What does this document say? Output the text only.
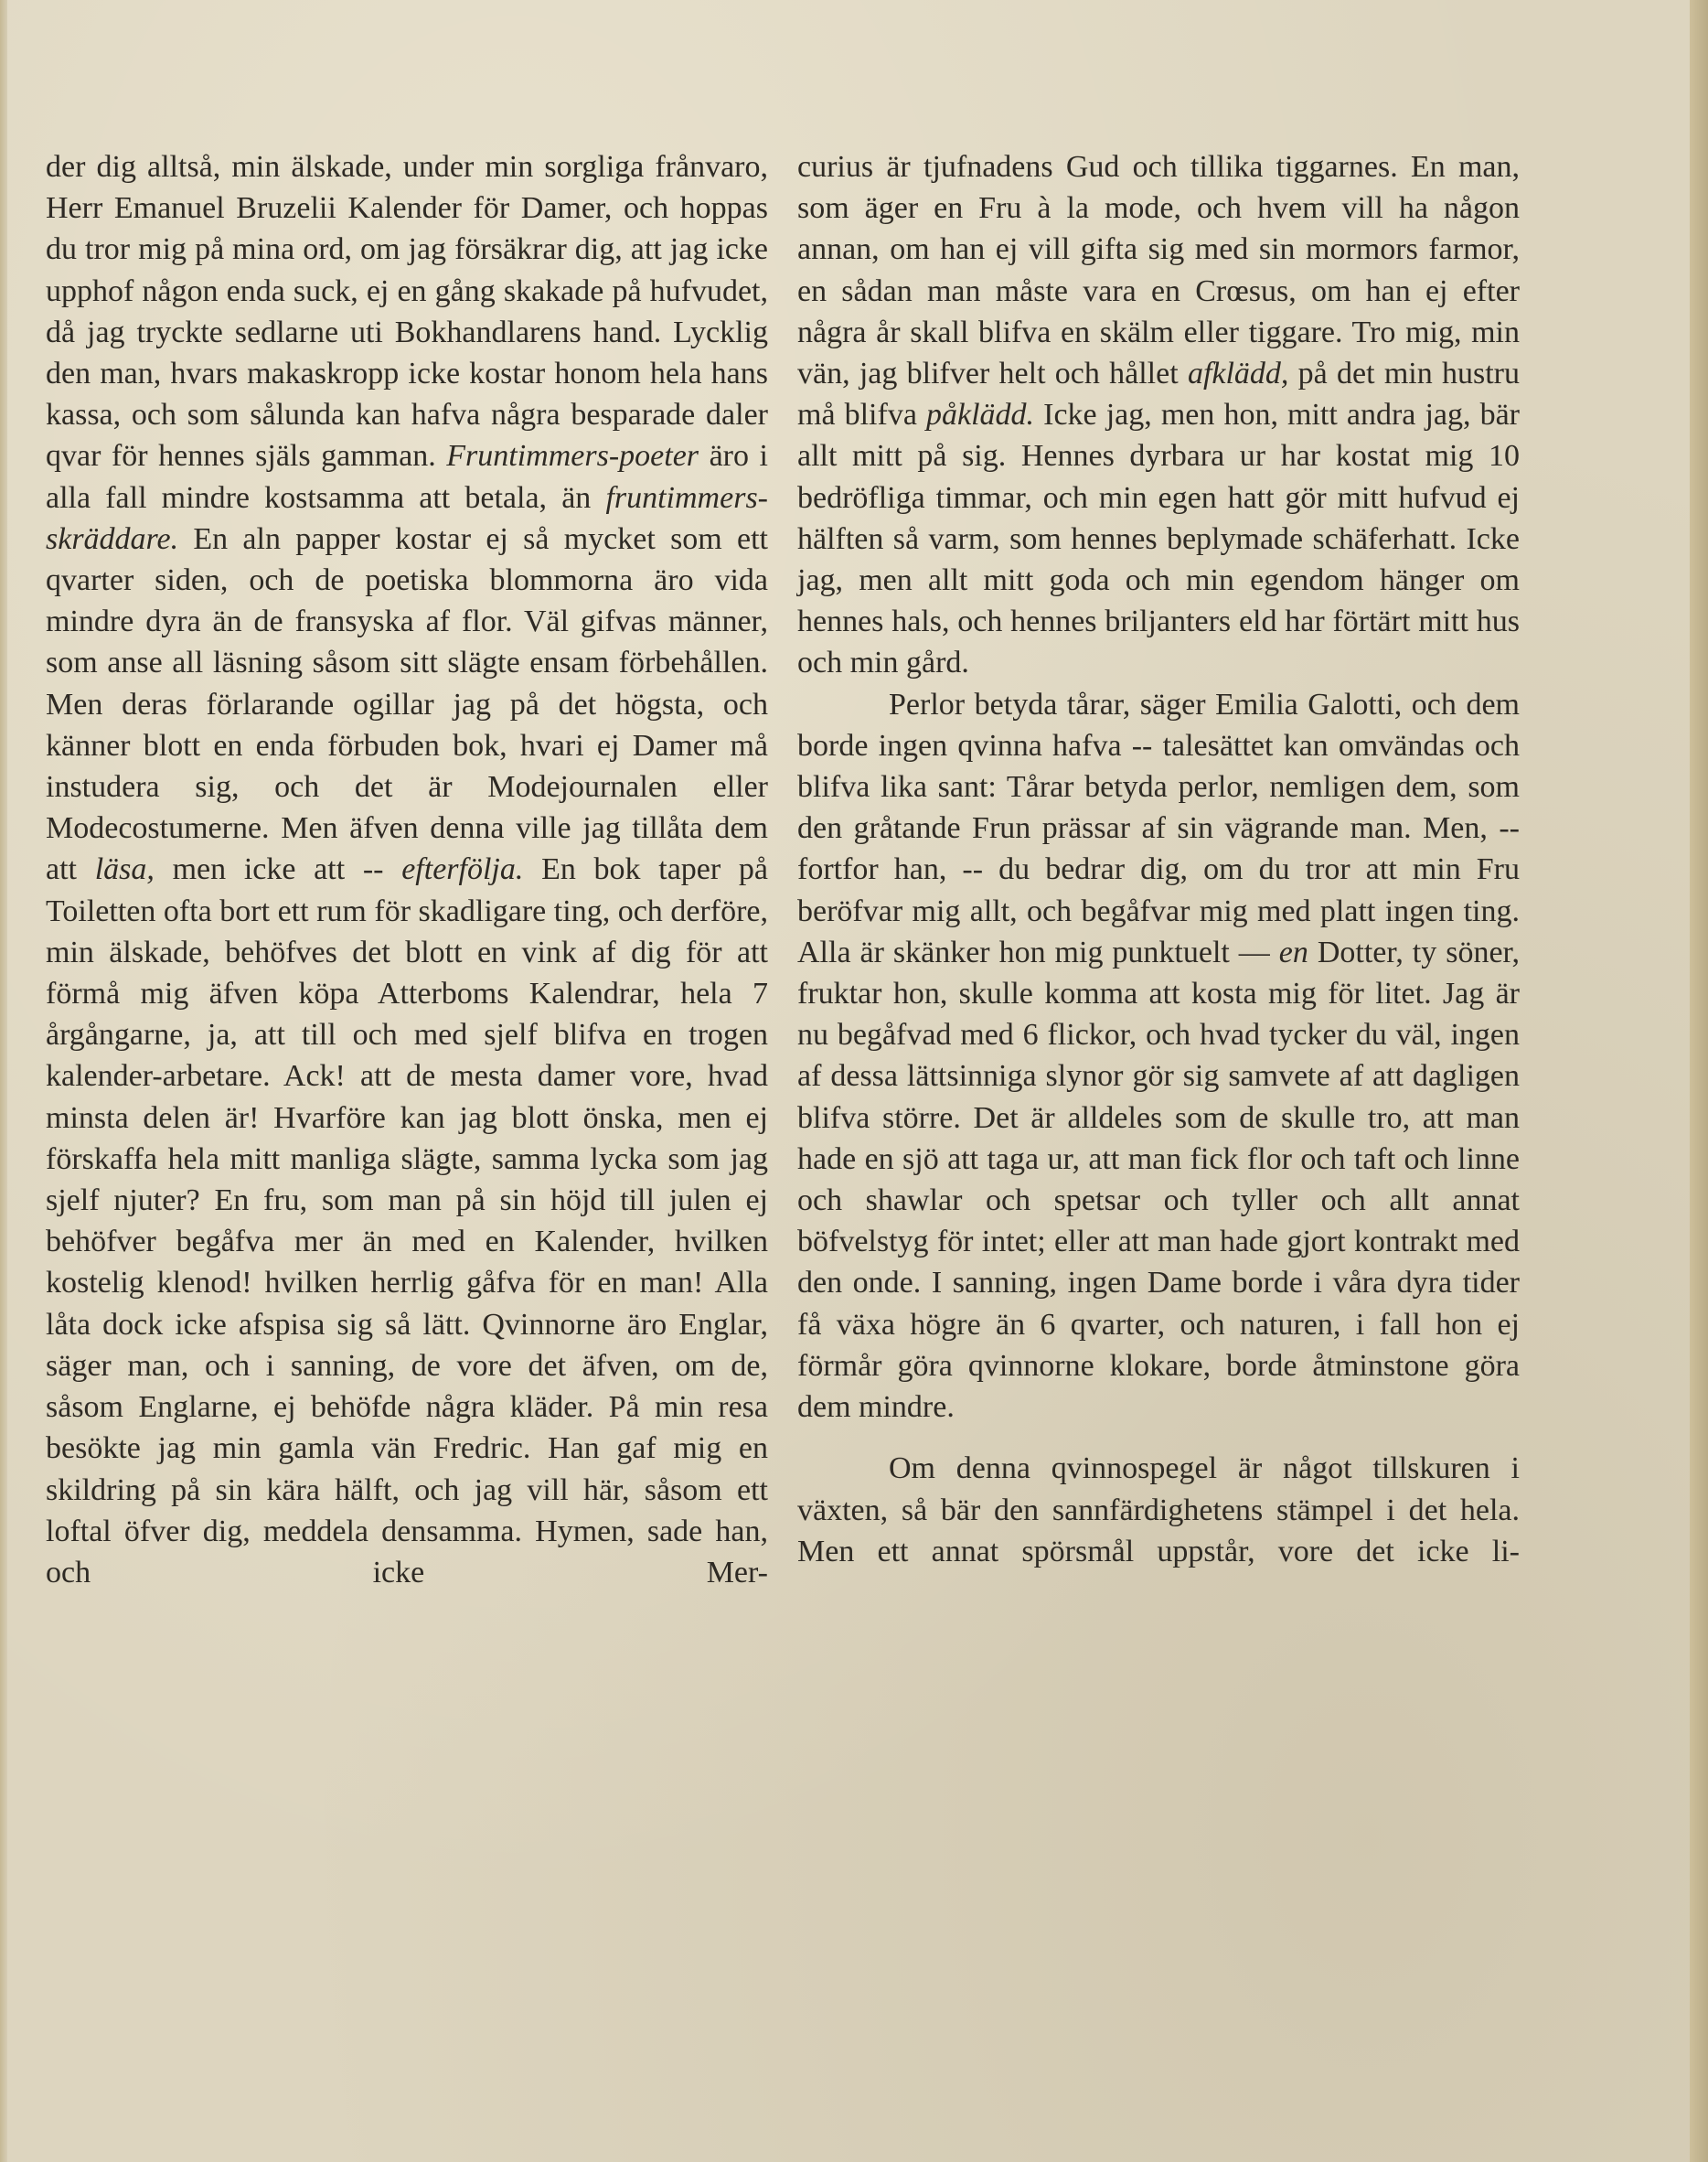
der dig alltså, min älskade, under min sorgliga frånvaro, Herr Emanuel Bruzelii Kalender för Damer, och hoppas du tror mig på mina ord, om jag försäkrar dig, att jag icke upphof någon enda suck, ej en gång skakade på hufvudet, då jag tryckte sedlarne uti Bokhandlarens hand. Lycklig den man, hvars makaskropp icke kostar honom hela hans kassa, och som sålunda kan hafva några besparade daler qvar för hennes själs gamman. Fruntimmers-poeter äro i alla fall mindre kostsamma att betala, än fruntimmers-skräddare. En aln papper kostar ej så mycket som ett qvarter siden, och de poetiska blommorna äro vida mindre dyra än de fransyska af flor. Väl gifvas männer, som anse all läsning såsom sitt slägte ensam förbehållen. Men deras förlarande ogillar jag på det högsta, och känner blott en enda förbuden bok, hvari ej Damer må instudera sig, och det är Modejournalen eller Modecostumerne. Men äfven denna ville jag tillåta dem att läsa, men icke att -- efterfölja. En bok taper på Toiletten ofta bort ett rum för skadligare ting, och derföre, min älskade, behöfves det blott en vink af dig för att förmå mig äfven köpa Atterboms Kalendrar, hela 7 årgångarne, ja, att till och med sjelf blifva en trogen kalender-arbetare. Ack! att de mesta damer vore, hvad minsta delen är! Hvarföre kan jag blott önska, men ej förskaffa hela mitt manliga slägte, samma lycka som jag sjelf njuter? En fru, som man på sin höjd till julen ej behöfver begåfva mer än med en Kalender, hvilken kostelig klenod! hvilken herrlig gåfva för en man! Alla låta dock icke afspisa sig så lätt. Qvinnorne äro Englar, säger man, och i sanning, de vore det äfven, om de, såsom Englarne, ej behöfde några kläder. På min resa besökte jag min gamla vän Fredric. Han gaf mig en skildring på sin kära hälft, och jag vill här, såsom ett loftal öfver dig, meddela densamma. Hymen, sade han, och icke Mer-

curius är tjufnadens Gud och tillika tiggarnes. En man, som äger en Fru à la mode, och hvem vill ha någon annan, om han ej vill gifta sig med sin mormors farmor, en sådan man måste vara en Crœsus, om han ej efter några år skall blifva en skälm eller tiggare. Tro mig, min vän, jag blifver helt och hållet afklädd, på det min hustru må blifva påklädd. Icke jag, men hon, mitt andra jag, bär allt mitt på sig. Hennes dyrbara ur har kostat mig 10 bedröfliga timmar, och min egen hatt gör mitt hufvud ej hälften så varm, som hennes beplymade schäferhatt. Icke jag, men allt mitt goda och min egendom hänger om hennes hals, och hennes briljanters eld har förtärt mitt hus och min gård.

Perlor betyda tårar, säger Emilia Galotti, och dem borde ingen qvinna hafva -- talesättet kan omvändas och blifva lika sant: Tårar betyda perlor, nemligen dem, som den gråtande Frun prässar af sin vägrande man. Men, -- fortfor han, -- du bedrar dig, om du tror att min Fru beröfvar mig allt, och begåfvar mig med platt ingen ting. Alla är skänker hon mig punktuelt — en Dotter, ty söner, fruktar hon, skulle komma att kosta mig för litet. Jag är nu begåfvad med 6 flickor, och hvad tycker du väl, ingen af dessa lättsinniga slynor gör sig samvete af att dagligen blifva större. Det är alldeles som de skulle tro, att man hade en sjö att taga ur, att man fick flor och taft och linne och shawlar och spetsar och tyller och allt annat böfvelstyg för intet; eller att man hade gjort kontrakt med den onde. I sanning, ingen Dame borde i våra dyra tider få växa högre än 6 qvarter, och naturen, i fall hon ej förmår göra qvinnorne klokare, borde åtminstone göra dem mindre.

Om denna qvinnospegel är något tillskuren i växten, så bär den sannfärdighetens stämpel i det hela. Men ett annat spörsmål uppstår, vore det icke li-
